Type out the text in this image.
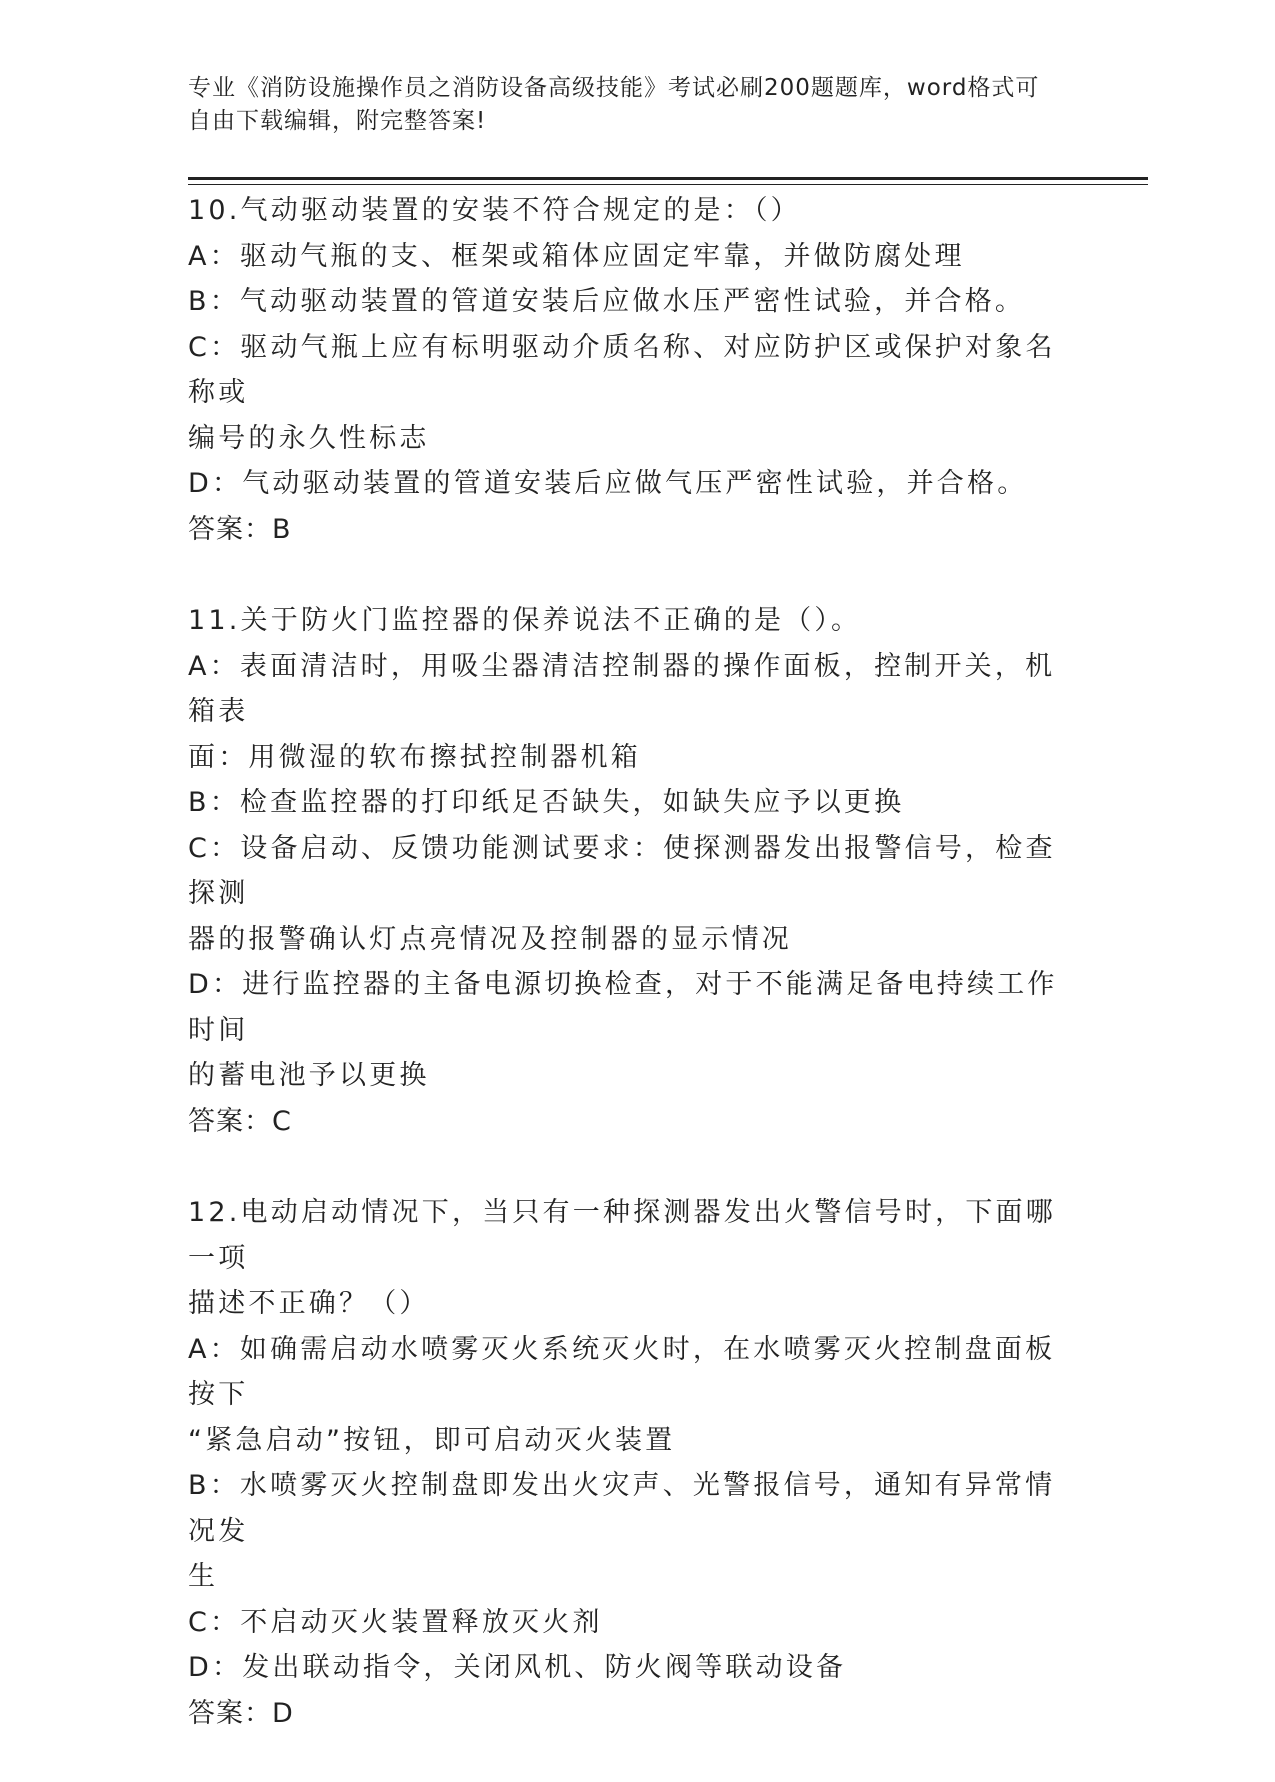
专业《消防设施操作员之消防设备高级技能》考试必刷200题题库，word格式可
自由下载编辑，附完整答案!
10.气动驱动装置的安装不符合规定的是：（）
A：驱动气瓶的支、框架或箱体应固定牢靠，并做防腐处理
B：气动驱动装置的管道安装后应做水压严密性试验，并合格。
C：驱动气瓶上应有标明驱动介质名称、对应防护区或保护对象名称或
编号的永久性标志
D：气动驱动装置的管道安装后应做气压严密性试验，并合格。
答案：B
11.关于防火门监控器的保养说法不正确的是（）。
A：表面清洁时，用吸尘器清洁控制器的操作面板，控制开关，机箱表
面：用微湿的软布擦拭控制器机箱
B：检查监控器的打印纸足否缺失，如缺失应予以更换
C：设备启动、反馈功能测试要求：使探测器发出报警信号，检查探测
器的报警确认灯点亮情况及控制器的显示情况
D：进行监控器的主备电源切换检查，对于不能满足备电持续工作时间
的蓄电池予以更换
答案：C
12.电动启动情况下，当只有一种探测器发出火警信号时，下面哪一项
描述不正确？（）
A：如确需启动水喷雾灭火系统灭火时，在水喷雾灭火控制盘面板按下
“紧急启动”按钮，即可启动灭火装置
B：水喷雾灭火控制盘即发出火灾声、光警报信号，通知有异常情况发
生
C：不启动灭火装置释放灭火剂
D：发出联动指令，关闭风机、防火阀等联动设备
答案：D
